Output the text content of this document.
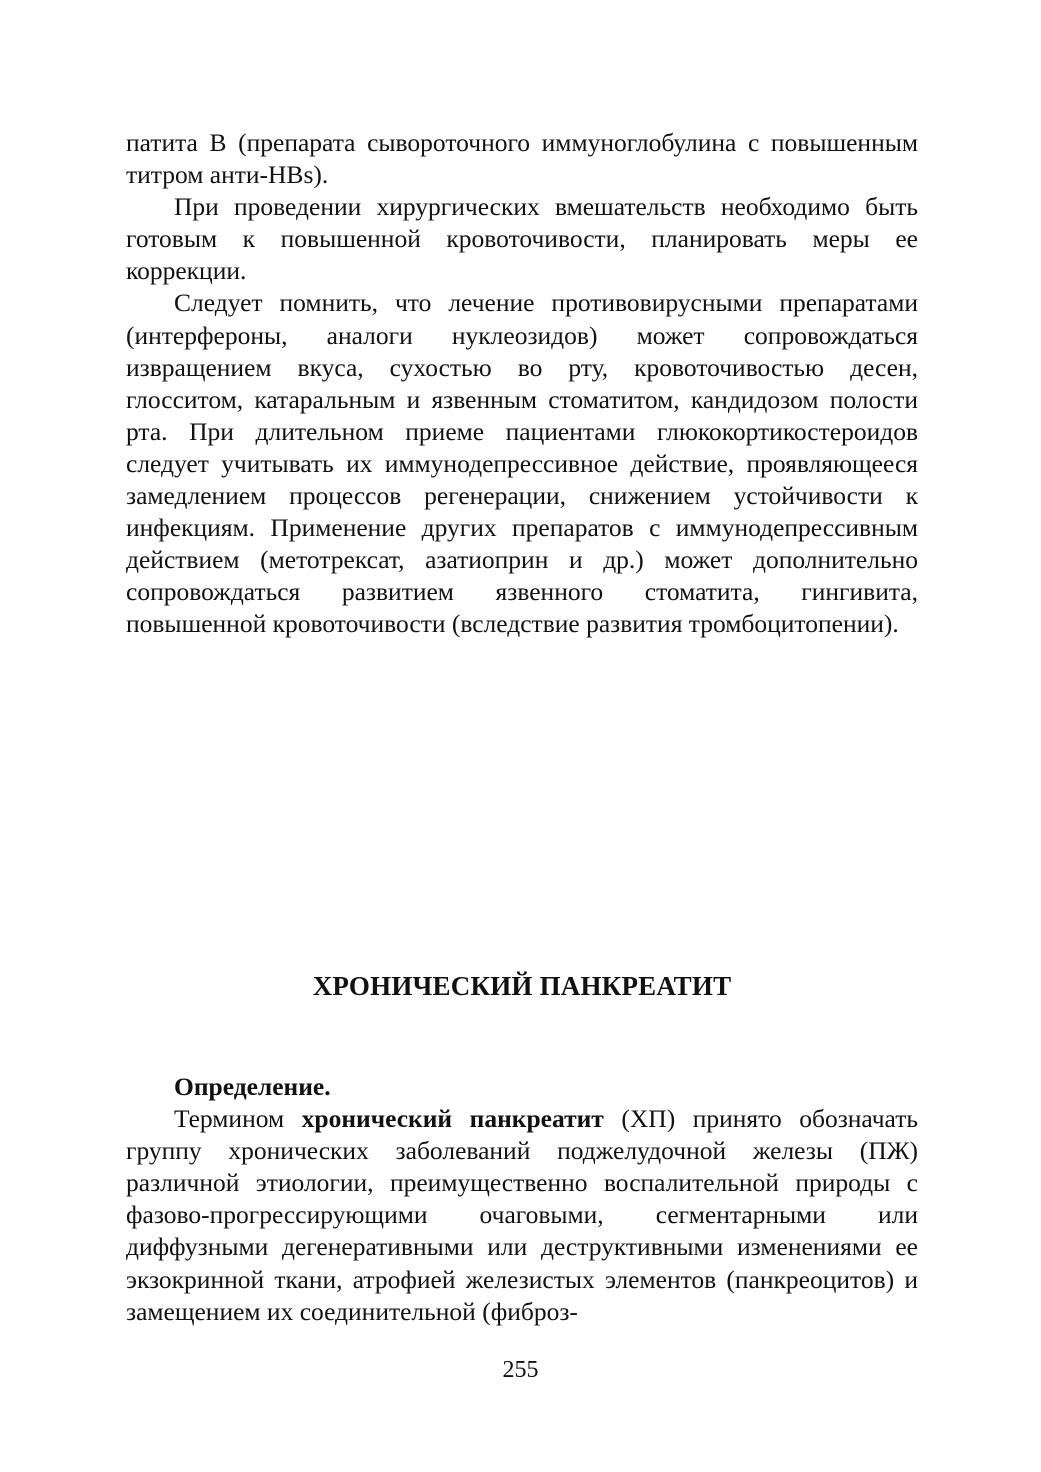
патита В (препарата сывороточного иммуноглобулина с повышенным титром анти-HBs).

При проведении хирургических вмешательств необходимо быть готовым к повышенной кровоточивости, планировать меры ее коррекции.

Следует помнить, что лечение противовирусными препаратами (интерфероны, аналоги нуклеозидов) может сопровождаться извращением вкуса, сухостью во рту, кровоточивостью десен, глосситом, катаральным и язвенным стоматитом, кандидозом полости рта. При длительном приеме пациентами глюкокортикостероидов следует учитывать их иммунодепрессивное действие, проявляющееся замедлением процессов регенерации, снижением устойчивости к инфекциям. Применение других препаратов с иммунодепрессивным действием (метотрексат, азатиоприн и др.) может дополнительно сопровождаться развитием язвенного стоматита, гингивита, повышенной кровоточивости (вследствие развития тромбоцитопении).

ХРОНИЧЕСКИЙ ПАНКРЕАТИТ

Определение.

Термином хронический панкреатит (ХП) принято обозначать группу хронических заболеваний поджелудочной железы (ПЖ) различной этиологии, преимущественно воспалительной природы с фазово-прогрессирующими очаговыми, сегментарными или диффузными дегенеративными или деструктивными изменениями ее экзокринной ткани, атрофией железистых элементов (панкреоцитов) и замещением их соединительной (фиброз-

255
